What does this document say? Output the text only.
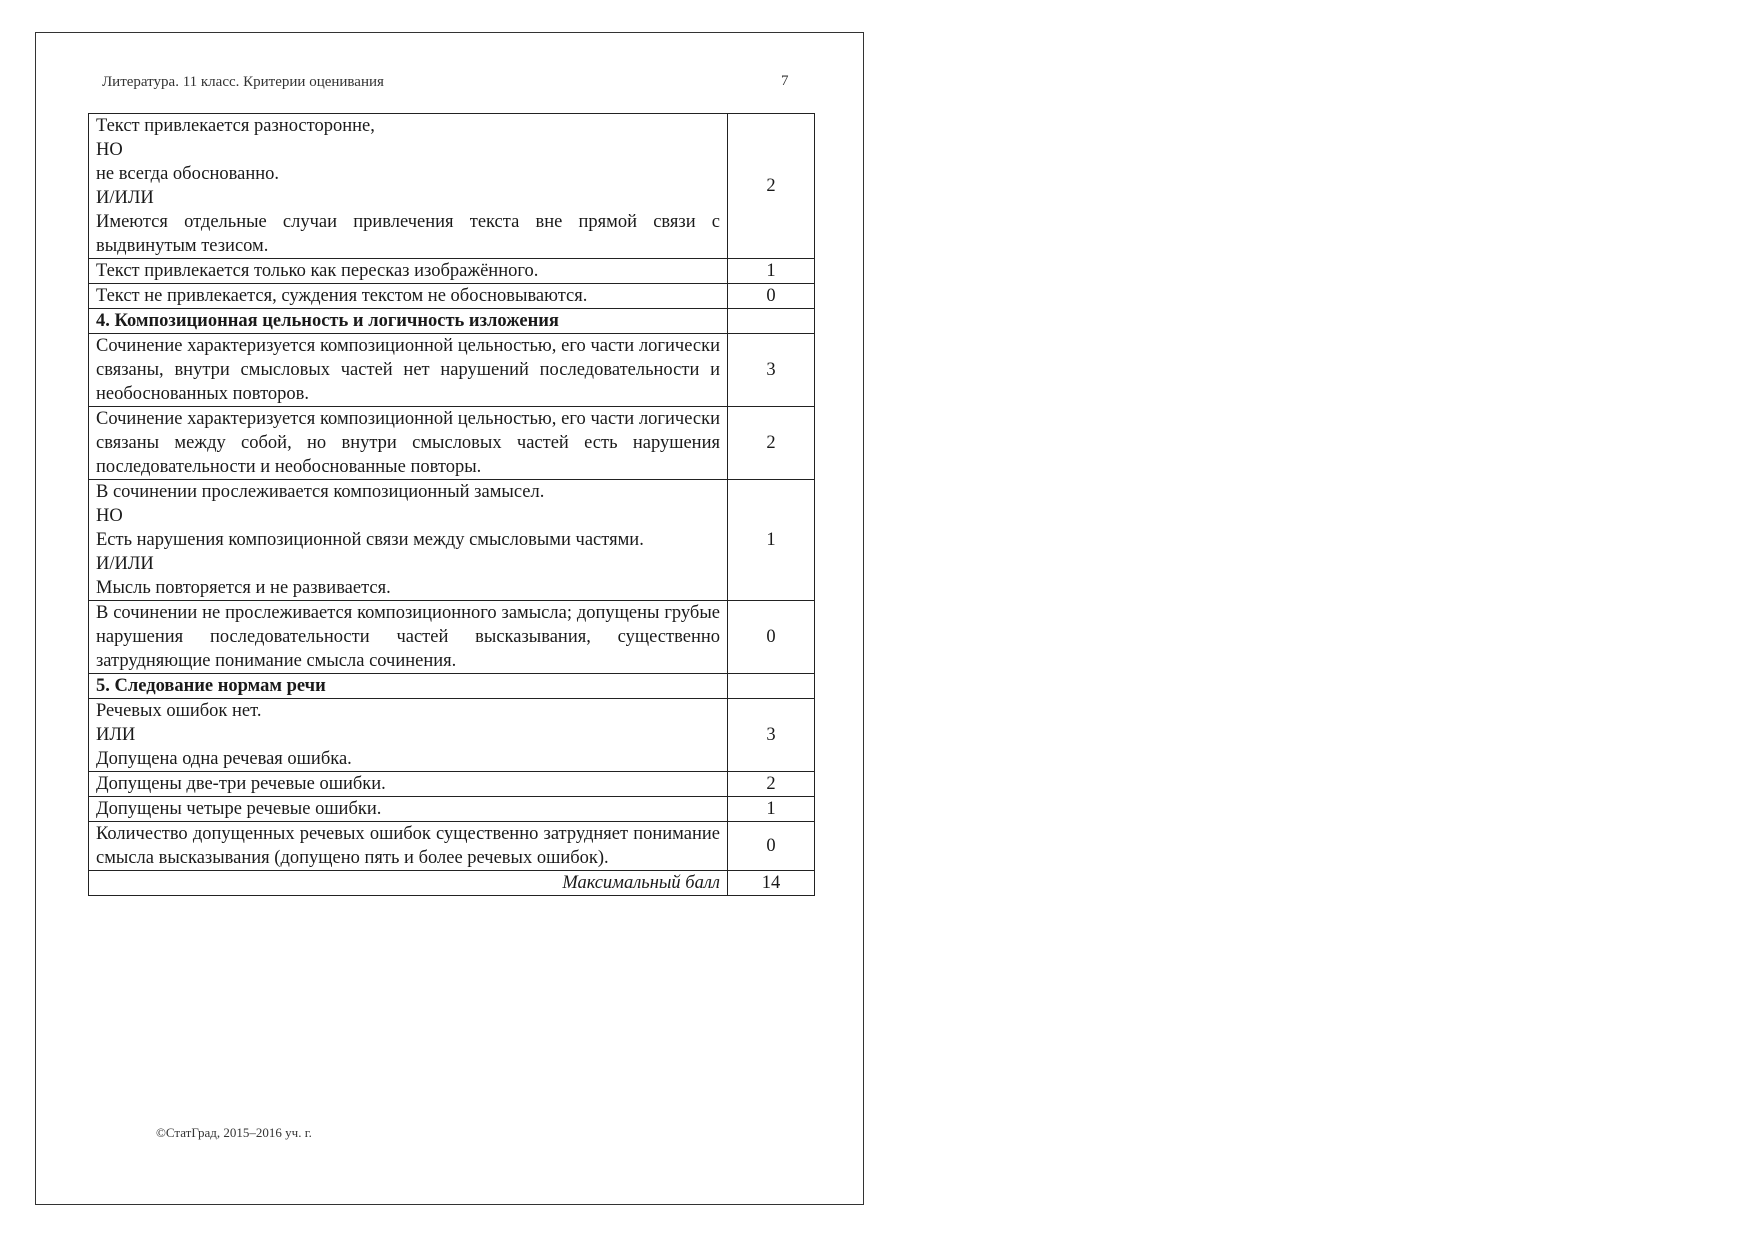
Литература. 11 класс. Критерии оценивания	7
Текст привлекается разносторонне,
НО
не всегда обоснованно.
И/ИЛИ
Имеются отдельные случаи привлечения текста вне прямой связи с выдвинутым тезисом.	2

Текст привлекается только как пересказ изображённого.	1

Текст не привлекается, суждения текстом не обосновываются.	0

4. Композиционная цельность и логичность изложения	

Сочинение характеризуется композиционной цельностью, его части логически связаны, внутри смысловых частей нет нарушений последовательности и необоснованных повторов.	3

Сочинение характеризуется композиционной цельностью, его части логически связаны между собой, но внутри смысловых частей есть нарушения последовательности и необоснованные повторы.	2

В сочинении прослеживается композиционный замысел.
НО
Есть нарушения композиционной связи между смысловыми частями.
И/ИЛИ
Мысль повторяется и не развивается.	1

В сочинении не прослеживается композиционного замысла; допущены грубые нарушения последовательности частей высказывания, существенно затрудняющие понимание смысла сочинения.	0

5. Следование нормам речи	

Речевых ошибок нет.
ИЛИ
Допущена одна речевая ошибка.	3

Допущены две-три речевые ошибки.	2

Допущены четыре речевые ошибки.	1

Количество допущенных речевых ошибок существенно затрудняет понимание смысла высказывания (допущено пять и более речевых ошибок).	0

Максимальный балл	14
©СтатГрад, 2015–2016 уч. г.
